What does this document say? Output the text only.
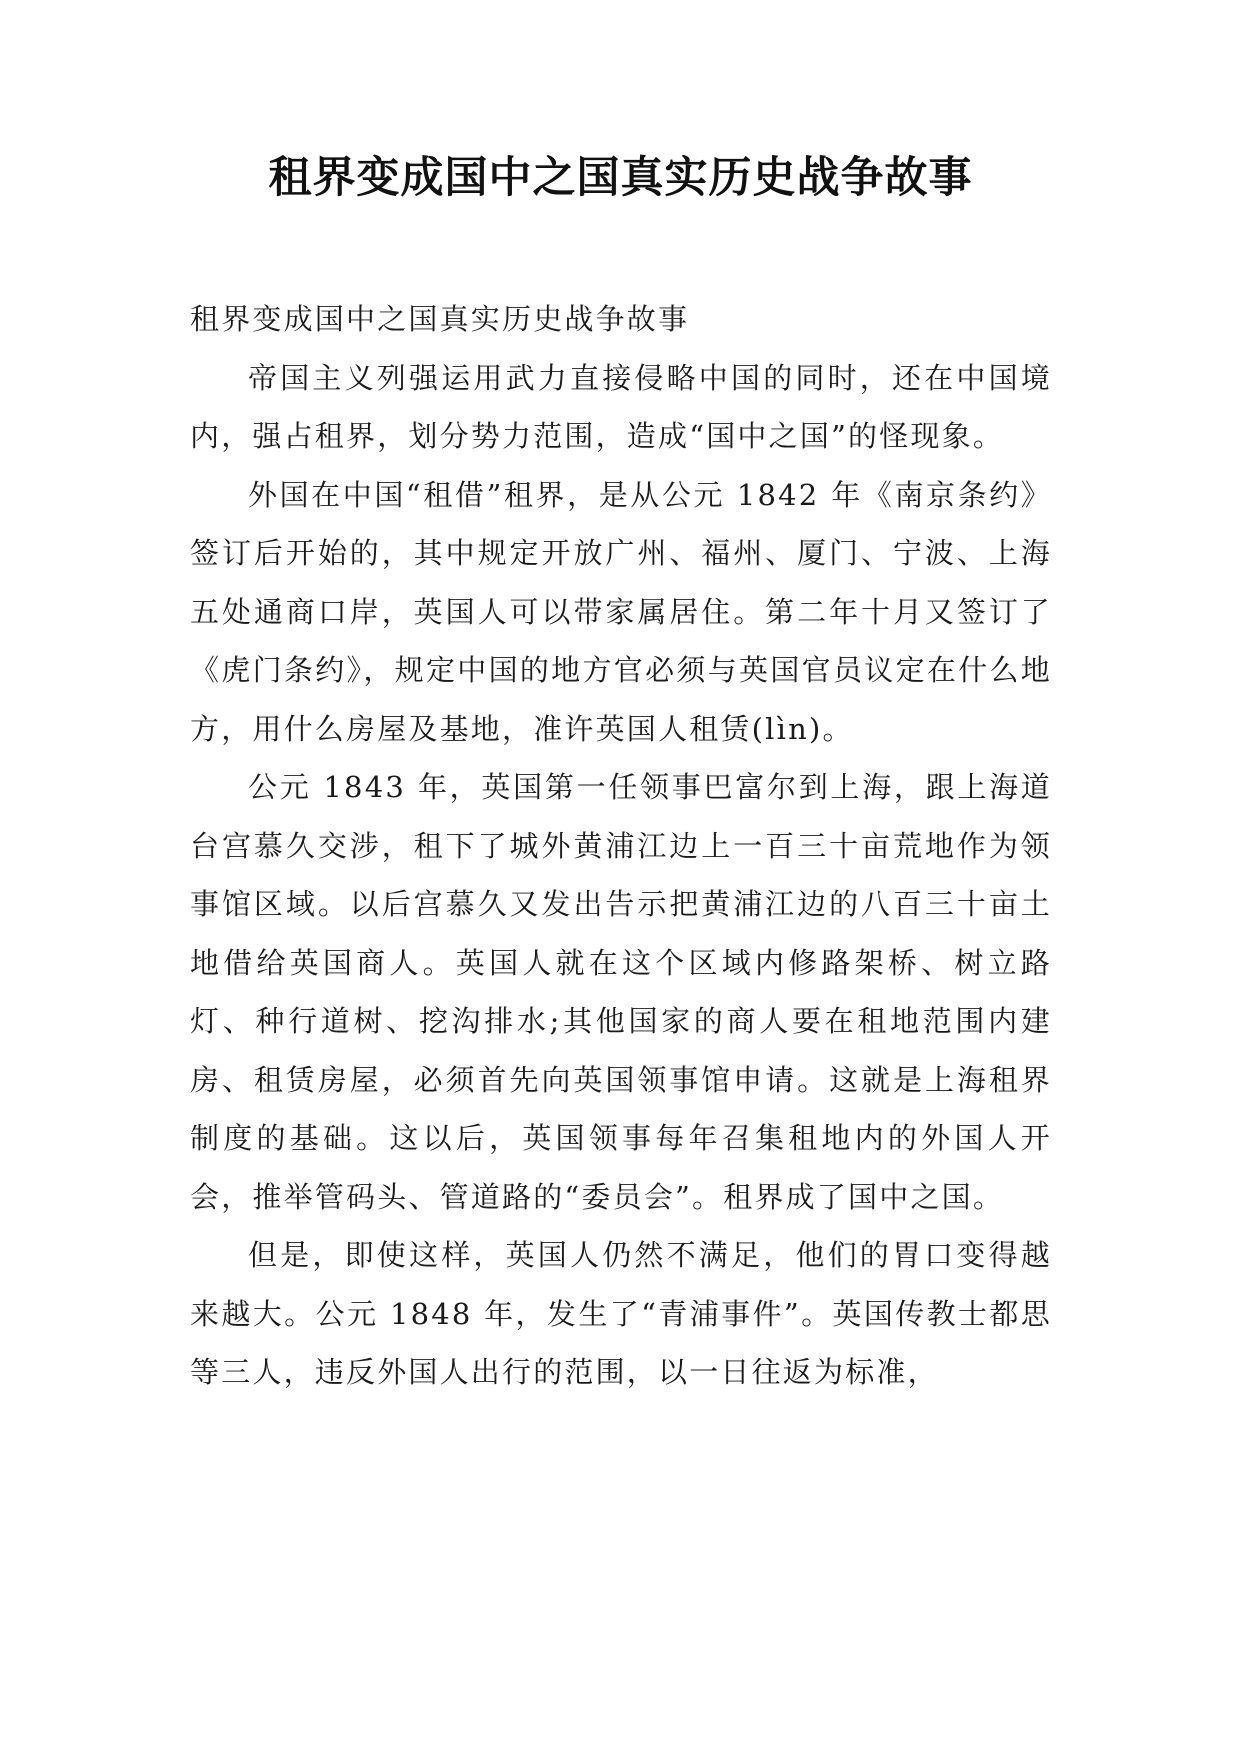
租界变成国中之国真实历史战争故事

租界变成国中之国真实历史战争故事

帝国主义列强运用武力直接侵略中国的同时，还在中国境内，强占租界，划分势力范围，造成“国中之国”的怪现象。

外国在中国“租借”租界，是从公元 1842 年《南京条约》签订后开始的，其中规定开放广州、福州、厦门、宁波、上海五处通商口岸，英国人可以带家属居住。第二年十月又签订了《虎门条约》，规定中国的地方官必须与英国官员议定在什么地方，用什么房屋及基地，准许英国人租赁(lìn)。

公元 1843 年，英国第一任领事巴富尔到上海，跟上海道台宫慕久交涉，租下了城外黄浦江边上一百三十亩荒地作为领事馆区域。以后宫慕久又发出告示把黄浦江边的八百三十亩土地借给英国商人。英国人就在这个区域内修路架桥、树立路灯、种行道树、挖沟排水;其他国家的商人要在租地范围内建房、租赁房屋，必须首先向英国领事馆申请。这就是上海租界制度的基础。这以后，英国领事每年召集租地内的外国人开会，推举管码头、管道路的“委员会”。租界成了国中之国。

但是，即使这样，英国人仍然不满足，他们的胃口变得越来越大。公元 1848 年，发生了“青浦事件”。英国传教士都思等三人，违反外国人出行的范围，以一日往返为标准，
